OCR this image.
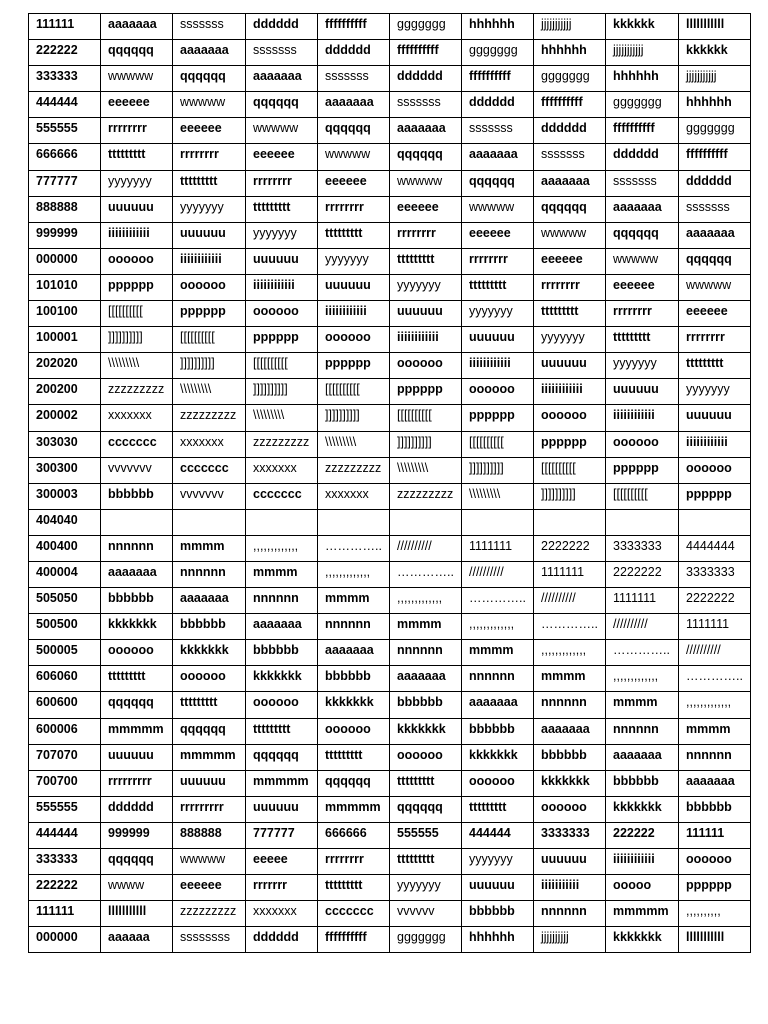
111111	aaaaaaa	sssssss	dddddd	ffffffffff	ggggggg	hhhhhh	jjjjjjjjjjj	kkkkkk	lllllllllll
222222	qqqqqq	aaaaaaa	sssssss	dddddd	ffffffffff	ggggggg	hhhhhh	jjjjjjjjjjj	kkkkkk
333333	wwwww	qqqqqq	aaaaaaa	sssssss	dddddd	ffffffffff	ggggggg	hhhhhh	jjjjjjjjjjj
444444	eeeeee	wwwww	qqqqqq	aaaaaaa	sssssss	dddddd	ffffffffff	ggggggg	hhhhhh
555555	rrrrrrrr	eeeeee	wwwww	qqqqqq	aaaaaaa	sssssss	dddddd	ffffffffff	ggggggg
666666	ttttttttt	rrrrrrrr	eeeeee	wwwww	qqqqqq	aaaaaaa	sssssss	dddddd	ffffffffff
777777	yyyyyyy	ttttttttt	rrrrrrrr	eeeeee	wwwww	qqqqqq	aaaaaaa	sssssss	dddddd
888888	uuuuuu	yyyyyyy	ttttttttt	rrrrrrrr	eeeeee	wwwww	qqqqqq	aaaaaaa	sssssss
999999	iiiiiiiiiiii	uuuuuu	yyyyyyy	ttttttttt	rrrrrrrr	eeeeee	wwwww	qqqqqq	aaaaaaa
000000	oooooo	iiiiiiiiiiii	uuuuuu	yyyyyyy	ttttttttt	rrrrrrrr	eeeeee	wwwww	qqqqqq
101010	pppppp	oooooo	iiiiiiiiiiii	uuuuuu	yyyyyyy	ttttttttt	rrrrrrrr	eeeeee	wwwww
100100	[[[[[[[[[[	pppppp	oooooo	iiiiiiiiiiii	uuuuuu	yyyyyyy	ttttttttt	rrrrrrrr	eeeeee
100001	]]]]]]]]]]	[[[[[[[[[[	pppppp	oooooo	iiiiiiiiiiii	uuuuuu	yyyyyyy	ttttttttt	rrrrrrrr
202020	\\\\\\\\\	]]]]]]]]]]	[[[[[[[[[[	pppppp	oooooo	iiiiiiiiiiii	uuuuuu	yyyyyyy	ttttttttt
200200	zzzzzzzzz	\\\\\\\\\	]]]]]]]]]]	[[[[[[[[[[	pppppp	oooooo	iiiiiiiiiiii	uuuuuu	yyyyyyy
200002	xxxxxxx	zzzzzzzzz	\\\\\\\\\	]]]]]]]]]]	[[[[[[[[[[	pppppp	oooooo	iiiiiiiiiiii	uuuuuu
303030	ccccccc	xxxxxxx	zzzzzzzzz	\\\\\\\\\	]]]]]]]]]]	[[[[[[[[[[	pppppp	oooooo	iiiiiiiiiiii
300300	vvvvvvv	ccccccc	xxxxxxx	zzzzzzzzz	\\\\\\\\\	]]]]]]]]]]	[[[[[[[[[[	pppppp	oooooo
300003	bbbbbb	vvvvvvv	ccccccc	xxxxxxx	zzzzzzzzz	\\\\\\\\\	]]]]]]]]]]	[[[[[[[[[[	pppppp
404040									
400400	nnnnnn	mmmm	,,,,,,,,,,,,,	…………..	//////////	1111111	2222222	3333333	4444444
400004	aaaaaaa	nnnnnn	mmmm	,,,,,,,,,,,,,	…………..	//////////	1111111	2222222	3333333
505050	bbbbbb	aaaaaaa	nnnnnn	mmmm	,,,,,,,,,,,,,	…………..	//////////	1111111	2222222
500500	kkkkkkk	bbbbbb	aaaaaaa	nnnnnn	mmmm	,,,,,,,,,,,,,	…………..	//////////	1111111
500005	oooooo	kkkkkkk	bbbbbb	aaaaaaa	nnnnnn	mmmm	,,,,,,,,,,,,,	…………..	//////////
606060	ttttttttt	oooooo	kkkkkkk	bbbbbb	aaaaaaa	nnnnnn	mmmm	,,,,,,,,,,,,,	…………..
600600	qqqqqq	ttttttttt	oooooo	kkkkkkk	bbbbbb	aaaaaaa	nnnnnn	mmmm	,,,,,,,,,,,,,
600006	mmmmm	qqqqqq	ttttttttt	oooooo	kkkkkkk	bbbbbb	aaaaaaa	nnnnnn	mmmm
707070	uuuuuu	mmmmm	qqqqqq	ttttttttt	oooooo	kkkkkkk	bbbbbb	aaaaaaa	nnnnnn
700700	rrrrrrrrr	uuuuuu	mmmmm	qqqqqq	ttttttttt	oooooo	kkkkkkk	bbbbbb	aaaaaaa
555555	dddddd	rrrrrrrrr	uuuuuu	mmmmm	qqqqqq	ttttttttt	oooooo	kkkkkkk	bbbbbb
444444	999999	888888	777777	666666	555555	444444	3333333	222222	111111
333333	qqqqqq	wwwww	eeeee	rrrrrrrr	ttttttttt	yyyyyyy	uuuuuu	iiiiiiiiiiii	oooooo
222222	wwww	eeeeee	rrrrrrr	ttttttttt	yyyyyyy	uuuuuu	iiiiiiiiiii	ooooo	pppppp
111111	lllllllllll	zzzzzzzzz	xxxxxxx	ccccccc	vvvvvv	bbbbbb	nnnnnn	mmmmm	,,,,,,,,,,
000000	aaaaaa	ssssssss	dddddd	ffffffffff	ggggggg	hhhhhh	jjjjjjjjjj	kkkkkkk	lllllllllll
